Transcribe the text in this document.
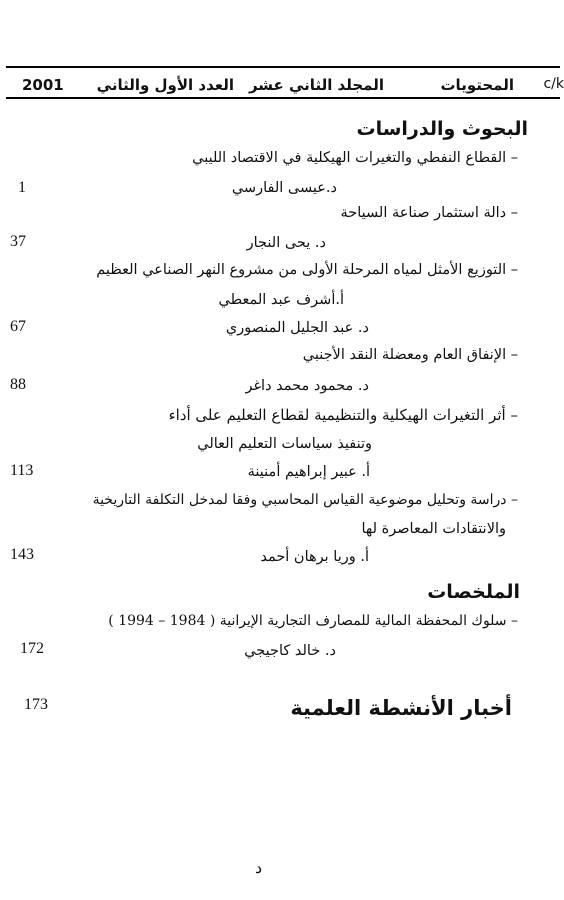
c/k
المحتويات
المجلد الثاني عشر
العدد الأول والثاني
2001
البحوث والدراسات
– القطاع النفطي والتغيرات الهيكلية في الاقتصاد الليبي
د.عيسى الفارسي
1
– دالة استثمار صناعة السياحة
د. يحى النجار
37
– التوزيع الأمثل لمياه المرحلة الأولى من مشروع النهر الصناعي العظيم
أ.أشرف عبد المعطي
د. عبد الجليل المنصوري
67
– الإنفاق العام ومعضلة النقد الأجنبي
د. محمود محمد داغر
88
– أثر التغيرات الهيكلية والتنظيمية لقطاع التعليم على أداء
وتنفيذ سياسات التعليم العالي
أ. عبير إبراهيم أمنينة
113
– دراسة وتحليل موضوعية القياس المحاسبي وفقا لمدخل التكلفة التاريخية
والانتقادات المعاصرة لها
أ. وريا برهان أحمد
143
الملخصات
– سلوك المحفظة المالية للمصارف التجارية الإيرانية ( 1984 – 1994 )
د. خالد كاجيجي
172
أخبار الأنشطة العلمية
173
د
